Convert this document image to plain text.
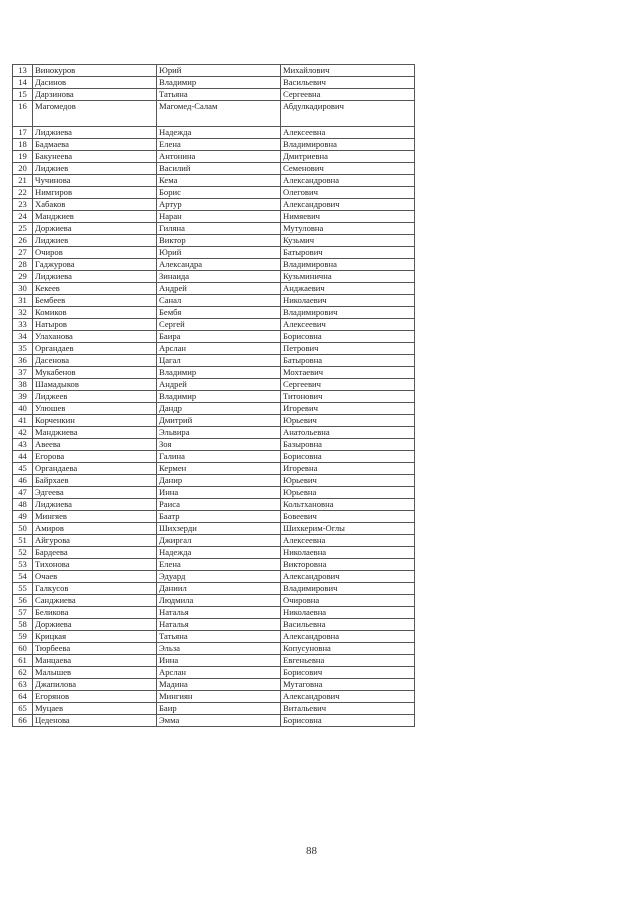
13	Винокуров	Юрий	Михайлович
14	Дасинов	Владимир	Васильевич
15	Дарзинова	Татьяна	Сергеевна
16	Магомедов	Магомед-Салам	Абдулкадирович
17	Лиджиева	Надежда	Алексеевна
18	Бадмаева	Елена	Владимировна
19	Бакунеева	Антонина	Дмитриевна
20	Лиджиев	Василий	Семенович
21	Чучинова	Кема	Александровна
22	Нимгиров	Борис	Олегович
23	Хабаков	Артур	Александрович
24	Манджиев	Наран	Нимяевич
25	Доржиева	Гиляна	Мутуловна
26	Лиджиев	Виктор	Кузьмич
27	Очиров	Юрий	Батырович
28	Гаджурова	Александра	Владимировна
29	Лиджиева	Зинаида	Кузьминична
30	Кекеев	Андрей	Анджаевич
31	Бембеев	Санал	Николаевич
32	Комиков	Бембя	Владимирович
33	Натыров	Сергей	Алексеевич
34	Улаханова	Баира	Борисовна
35	Органдаев	Арслан	Петрович
36	Дасенова	Цагал	Батыровна
37	Мукабенов	Владимир	Мохтаевич
38	Шамадыков	Андрей	Сергеевич
39	Лиджеев	Владимир	Титонович
40	Улюшев	Дандр	Игоревич
41	Корченкин	Дмитрий	Юрьевич
42	Манджиева	Эльвира	Анатольевна
43	Авеева	Зоя	Базыровна
44	Егорова	Галина	Борисовна
45	Органдаева	Кермен	Игоревна
46	Байрхаев	Данир	Юрьевич
47	Эдгеева	Инна	Юрьевна
48	Лиджиева	Раиса	Кольтхановна
49	Мингяев	Баатр	Бовеевич
50	Амиров	Шихзерди	Шихкерим-Оглы
51	Айгурова	Джиргал	Алексеевна
52	Бардеева	Надежда	Николаевна
53	Тихонова	Елена	Викторовна
54	Очаев	Эдуард	Александрович
55	Галкусов	Даниил	Владимирович
56	Санджиева	Людмила	Очировна
57	Беликова	Наталья	Николаевна
58	Доржиева	Наталья	Васильевна
59	Крицкая	Татьяна	Александровна
60	Тюрбеева	Эльза	Копусуновна
61	Манцаева	Инна	Евгеньевна
62	Малышев	Арслан	Борисович
63	Джапилова	Мадина	Мутаговна
64	Егорянов	Мингиян	Александрович
65	Муцаев	Баир	Витальевич
66	Цеденова	Эмма	Борисовна
88
